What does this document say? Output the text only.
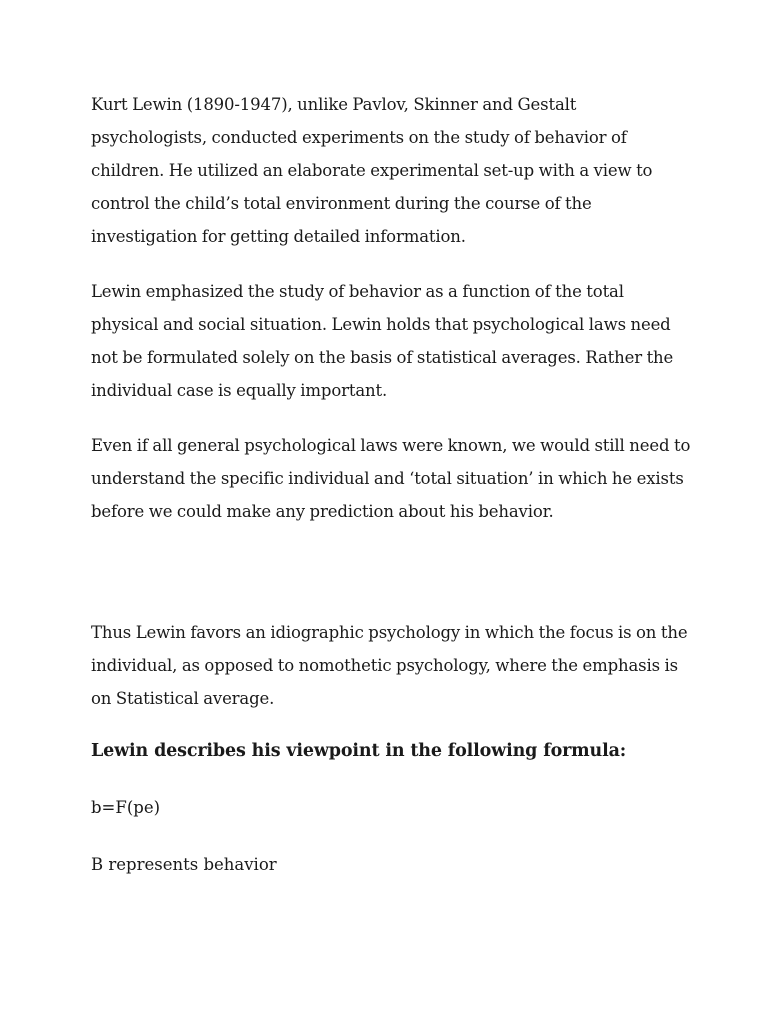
Kurt Lewin (1890-1947), unlike Pavlov, Skinner and Gestalt psychologists, conducted experiments on the study of behavior of children. He utilized an elaborate experimental set-up with a view to control the child’s total environment during the course of the investigation for getting detailed information.

Lewin emphasized the study of behavior as a function of the total physical and social situation. Lewin holds that psychological laws need not be formulated solely on the basis of statistical averages. Rather the individual case is equally important.

Even if all general psychological laws were known, we would still need to understand the specific individual and ‘total situation’ in which he exists before we could make any prediction about his behavior.

Thus Lewin favors an idiographic psychology in which the focus is on the individual, as opposed to nomothetic psychology, where the emphasis is on Statistical average.

Lewin describes his viewpoint in the following formula:

b=F(pe)

B represents behavior
